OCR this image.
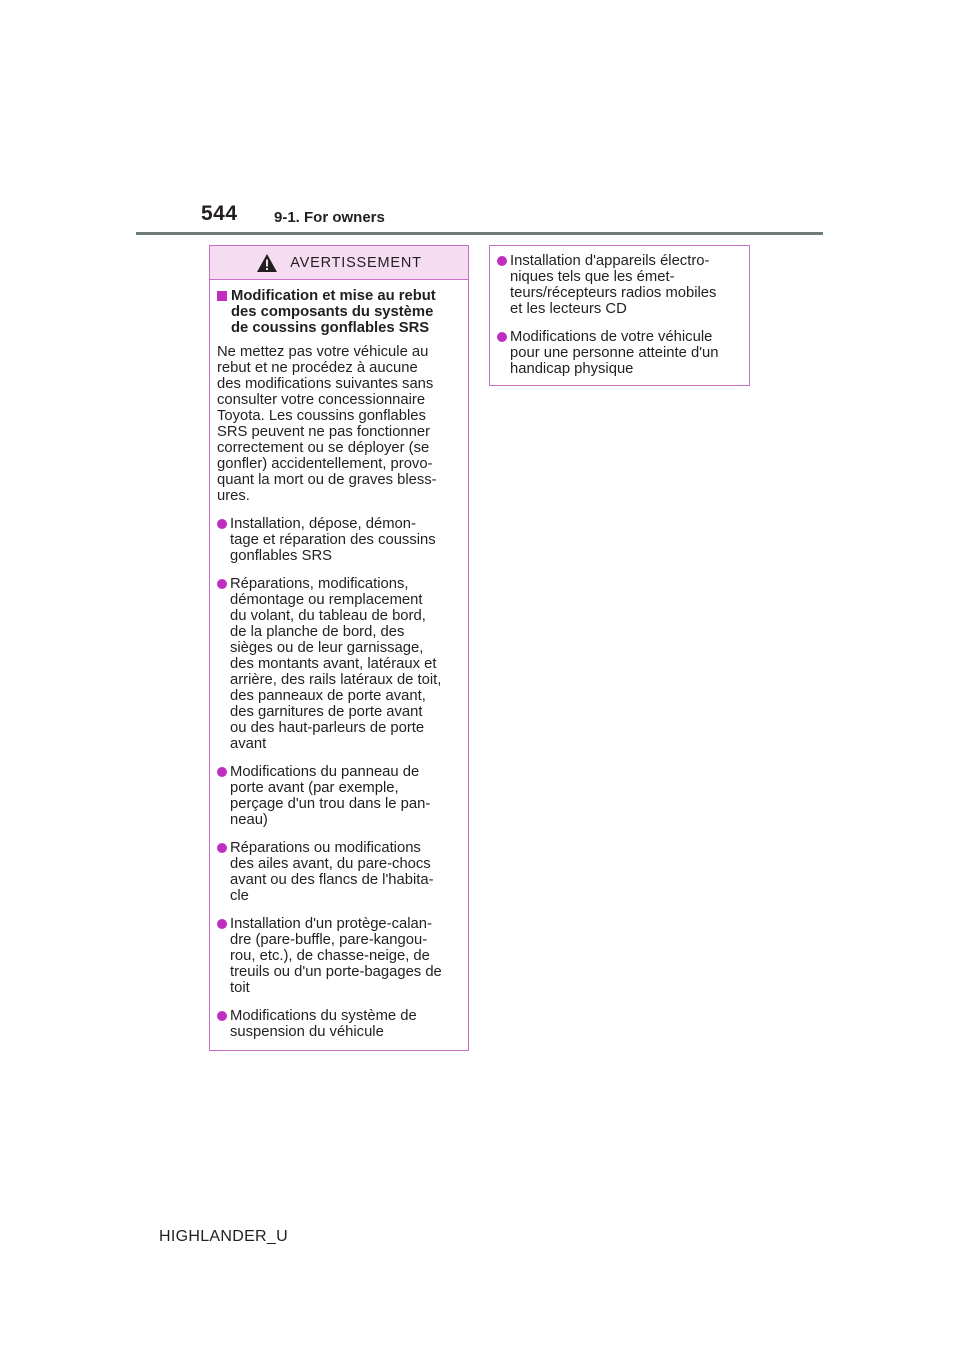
544 9-1. For owners
AVERTISSEMENT
Modification et mise au rebut
des composants du système
de coussins gonflables SRS
Ne mettez pas votre véhicule au
rebut et ne procédez à aucune
des modifications suivantes sans
consulter votre concessionnaire
Toyota. Les coussins gonflables
SRS peuvent ne pas fonctionner
correctement ou se déployer (se
gonfler) accidentellement, provo-
quant la mort ou de graves bless-
ures.
Installation, dépose, démon-
tage et réparation des coussins
gonflables SRS
Réparations, modifications,
démontage ou remplacement
du volant, du tableau de bord,
de la planche de bord, des
sièges ou de leur garnissage,
des montants avant, latéraux et
arrière, des rails latéraux de toit,
des panneaux de porte avant,
des garnitures de porte avant
ou des haut-parleurs de porte
avant
Modifications du panneau de
porte avant (par exemple,
perçage d'un trou dans le pan-
neau)
Réparations ou modifications
des ailes avant, du pare-chocs
avant ou des flancs de l'habita-
cle
Installation d'un protège-calan-
dre (pare-buffle, pare-kangou-
rou, etc.), de chasse-neige, de
treuils ou d'un porte-bagages de
toit
Modifications du système de
suspension du véhicule
Installation d'appareils électro-
niques tels que les émet-
teurs/récepteurs radios mobiles
et les lecteurs CD
Modifications de votre véhicule
pour une personne atteinte d'un
handicap physique
HIGHLANDER_U
